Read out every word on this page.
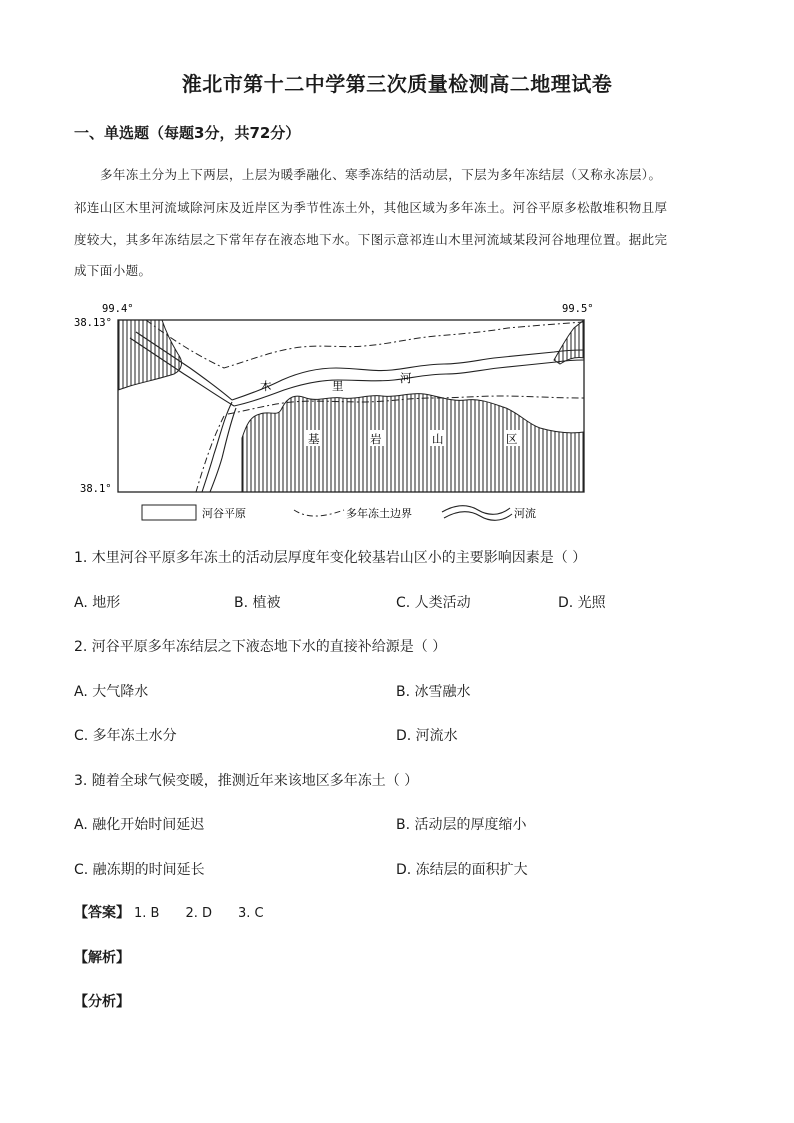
淮北市第十二中学第三次质量检测高二地理试卷
一、单选题（每题3分，共72分）
多年冻土分为上下两层，上层为暖季融化、寒季冻结的活动层，下层为多年冻结层（又称永冻层）。
祁连山区木里河流域除河床及近岸区为季节性冻土外，其他区域为多年冻土。河谷平原多松散堆积物且厚
度较大，其多年冻结层之下常年存在液态地下水。下图示意祁连山木里河流域某段河谷地理位置。据此完
成下面小题。
99.4°	99.5°
38.13°
38.1°
木	里
河
基	岩	山	区
河谷平原	多年冻土边界	河流
1. 木里河谷平原多年冻土的活动层厚度年变化较基岩山区小的主要影响因素是（ ）
A. 地形	B. 植被	C. 人类活动	D. 光照
2. 河谷平原多年冻结层之下液态地下水的直接补给源是（ ）
A. 大气降水	B. 冰雪融水
C. 多年冻土水分	D. 河流水
3. 随着全球气候变暖，推测近年来该地区多年冻土（ ）
A. 融化开始时间延迟	B. 活动层的厚度缩小
C. 融冻期的时间延长	D. 冻结层的面积扩大
【答案】 1. B 2. D 3. C
【解析】
【分析】
